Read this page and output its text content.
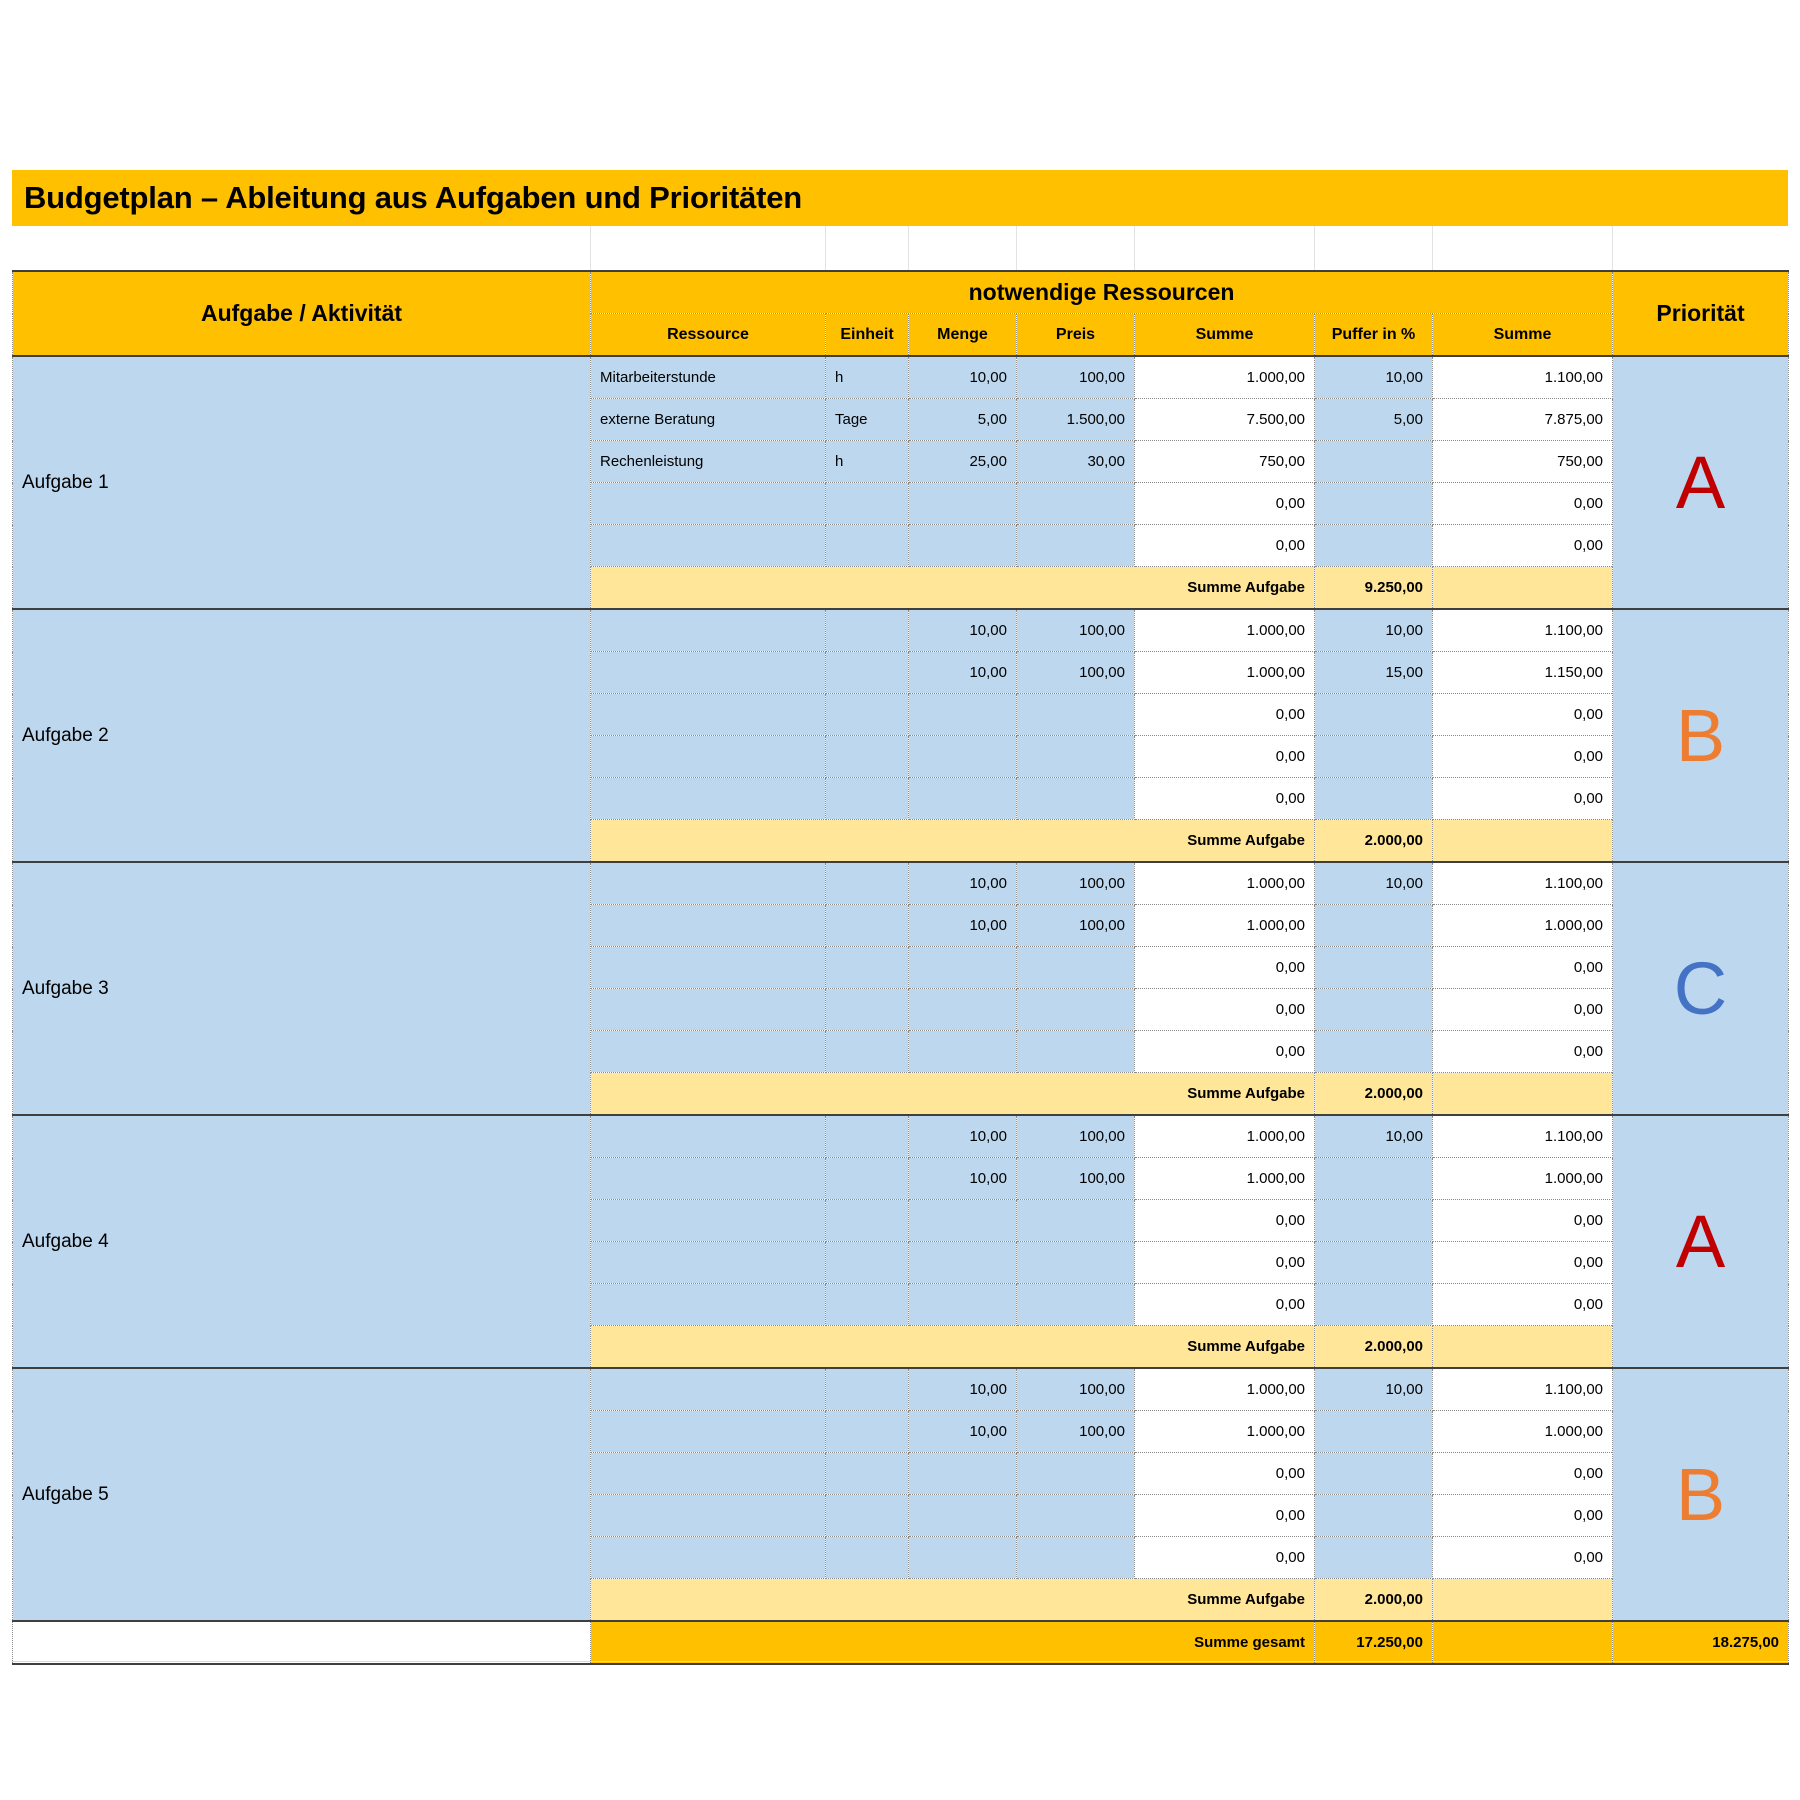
Budgetplan – Ableitung aus Aufgaben und Prioritäten
Aufgabe / Aktivität	notwendige Ressourcen							Priorität	
	Ressource	Einheit	Menge	Preis	Summe	Puffer in %	Summe		
Aufgabe 1	Mitarbeiterstunde	h	10,00	100,00	1.000,00	10,00	1.100,00	A	
	externe Beratung	Tage	5,00	1.500,00	7.500,00	5,00	7.875,00		
	Rechenleistung	h	25,00	30,00	750,00		750,00		
					0,00		0,00		
					0,00		0,00		
	Summe Aufgabe					9.250,00		
Aufgabe 2			10,00	100,00	1.000,00	10,00	1.100,00	B	
			10,00	100,00	1.000,00	15,00	1.150,00		
					0,00		0,00		
					0,00		0,00		
					0,00		0,00		
	Summe Aufgabe					2.000,00		
Aufgabe 3			10,00	100,00	1.000,00	10,00	1.100,00	C	
			10,00	100,00	1.000,00		1.000,00		
					0,00		0,00		
					0,00		0,00		
					0,00		0,00		
	Summe Aufgabe					2.000,00		
Aufgabe 4			10,00	100,00	1.000,00	10,00	1.100,00	A	
			10,00	100,00	1.000,00		1.000,00		
					0,00		0,00		
					0,00		0,00		
					0,00		0,00		
	Summe Aufgabe					2.000,00		
Aufgabe 5			10,00	100,00	1.000,00	10,00	1.100,00	B	
			10,00	100,00	1.000,00		1.000,00		
					0,00		0,00		
					0,00		0,00		
					0,00		0,00		
	Summe Aufgabe					2.000,00		
	Summe gesamt					17.250,00		18.275,00	
